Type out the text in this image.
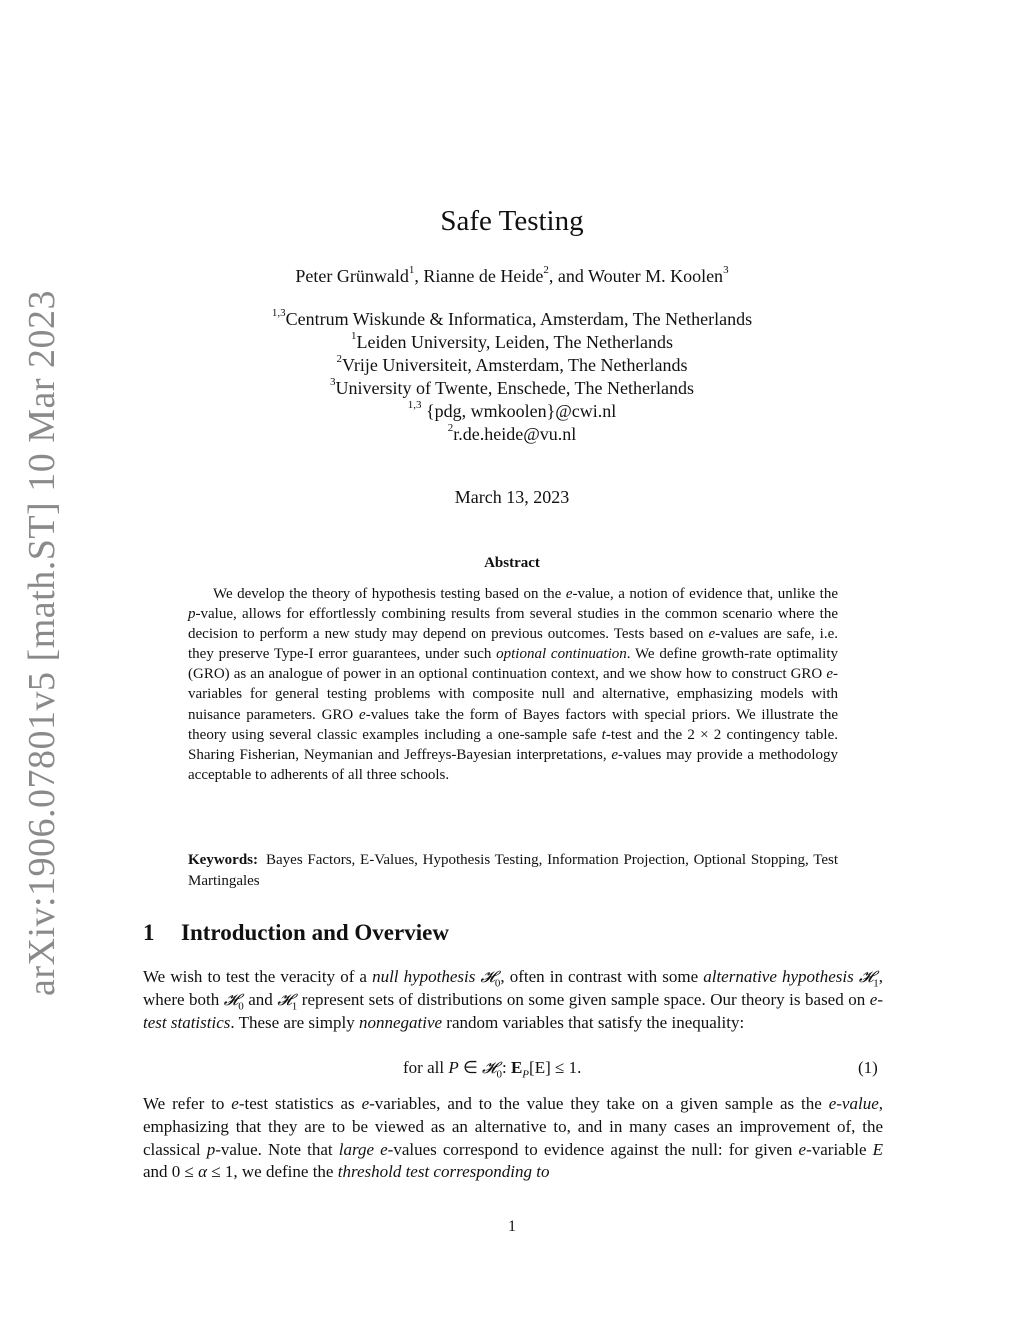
arXiv:1906.07801v5 [math.ST] 10 Mar 2023
Safe Testing
Peter Grünwald$^1$, Rianne de Heide$^2$, and Wouter M. Koolen$^3$
$^{1,3}$Centrum Wiskunde & Informatica, Amsterdam, The Netherlands
$^1$Leiden University, Leiden, The Netherlands
$^2$Vrije Universiteit, Amsterdam, The Netherlands
$^3$University of Twente, Enschede, The Netherlands
$^{1,3}$ {pdg, wmkoolen}@cwi.nl
$^2$r.de.heide@vu.nl
March 13, 2023
Abstract
We develop the theory of hypothesis testing based on the e-value, a notion of evidence that, unlike the p-value, allows for effortlessly combining results from several studies in the common scenario where the decision to perform a new study may depend on previous outcomes. Tests based on e-values are safe, i.e. they preserve Type-I error guarantees, under such optional continuation. We define growth-rate optimality (GRO) as an analogue of power in an optional continuation context, and we show how to construct GRO e-variables for general testing problems with composite null and alternative, emphasizing models with nuisance parameters. GRO e-values take the form of Bayes factors with special priors. We illustrate the theory using several classic examples including a one-sample safe t-test and the 2 × 2 contingency table. Sharing Fisherian, Neymanian and Jeffreys-Bayesian interpretations, e-values may provide a methodology acceptable to adherents of all three schools.
Keywords: Bayes Factors, E-Values, Hypothesis Testing, Information Projection, Optional Stopping, Test Martingales
1 Introduction and Overview
We wish to test the veracity of a null hypothesis 𝓗$_0$, often in contrast with some alternative hypothesis 𝓗$_1$, where both 𝓗$_0$ and 𝓗$_1$ represent sets of distributions on some given sample space. Our theory is based on e-test statistics. These are simply nonnegative random variables that satisfy the inequality:
for all P ∈ 𝓗$_0$: $E_P[E] \le 1$.	(1)
We refer to e-test statistics as e-variables, and to the value they take on a given sample as the e-value, emphasizing that they are to be viewed as an alternative to, and in many cases an improvement of, the classical p-value. Note that large e-values correspond to evidence against the null: for given e-variable E and 0 ≤ α ≤ 1, we define the threshold test corresponding to
1
